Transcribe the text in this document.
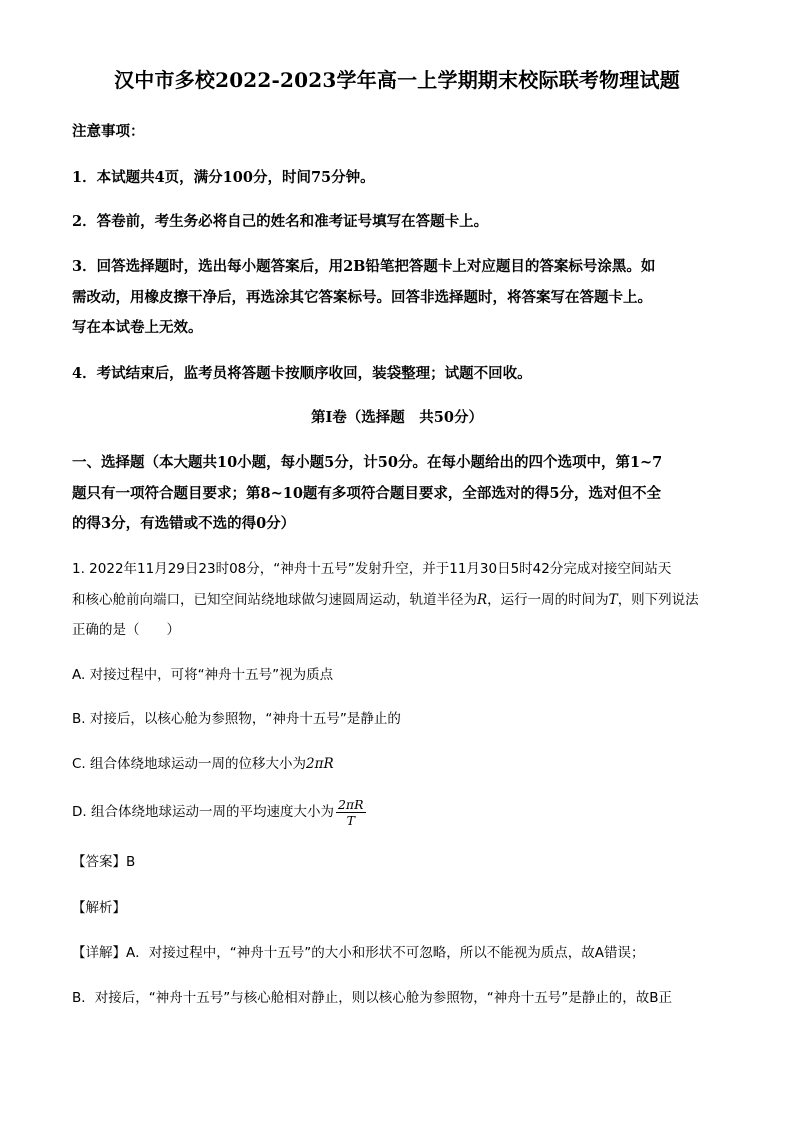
汉中市多校2022-2023学年高一上学期期末校际联考物理试题
注意事项：
1．本试题共4页，满分100分，时间75分钟。
2．答卷前，考生务必将自己的姓名和准考证号填写在答题卡上。
3．回答选择题时，选出每小题答案后，用2B铅笔把答题卡上对应题目的答案标号涂黑。如
需改动，用橡皮擦干净后，再选涂其它答案标号。回答非选择题时，将答案写在答题卡上。
写在本试卷上无效。
4．考试结束后，监考员将答题卡按顺序收回，装袋整理；试题不回收。
第Ⅰ卷（选择题　共50分）
一、选择题（本大题共10小题，每小题5分，计50分。在每小题给出的四个选项中，第1~7
题只有一项符合题目要求；第8~10题有多项符合题目要求，全部选对的得5分，选对但不全
的得3分，有选错或不选的得0分）
1. 2022年11月29日23时08分，“神舟十五号”发射升空，并于11月30日5时42分完成对接空间站天
和核心舱前向端口，已知空间站绕地球做匀速圆周运动，轨道半径为R，运行一周的时间为T，则下列说法
正确的是（　　）
A. 对接过程中，可将“神舟十五号”视为质点
B. 对接后，以核心舱为参照物，“神舟十五号”是静止的
C. 组合体绕地球运动一周的位移大小为2πR
D. 组合体绕地球运动一周的平均速度大小为 $\frac{2\pi R}{T}$
【答案】B
【解析】
【详解】A．对接过程中，“神舟十五号”的大小和形状不可忽略，所以不能视为质点，故A错误；
B．对接后，“神舟十五号”与核心舱相对静止，则以核心舱为参照物，“神舟十五号”是静止的，故B正
